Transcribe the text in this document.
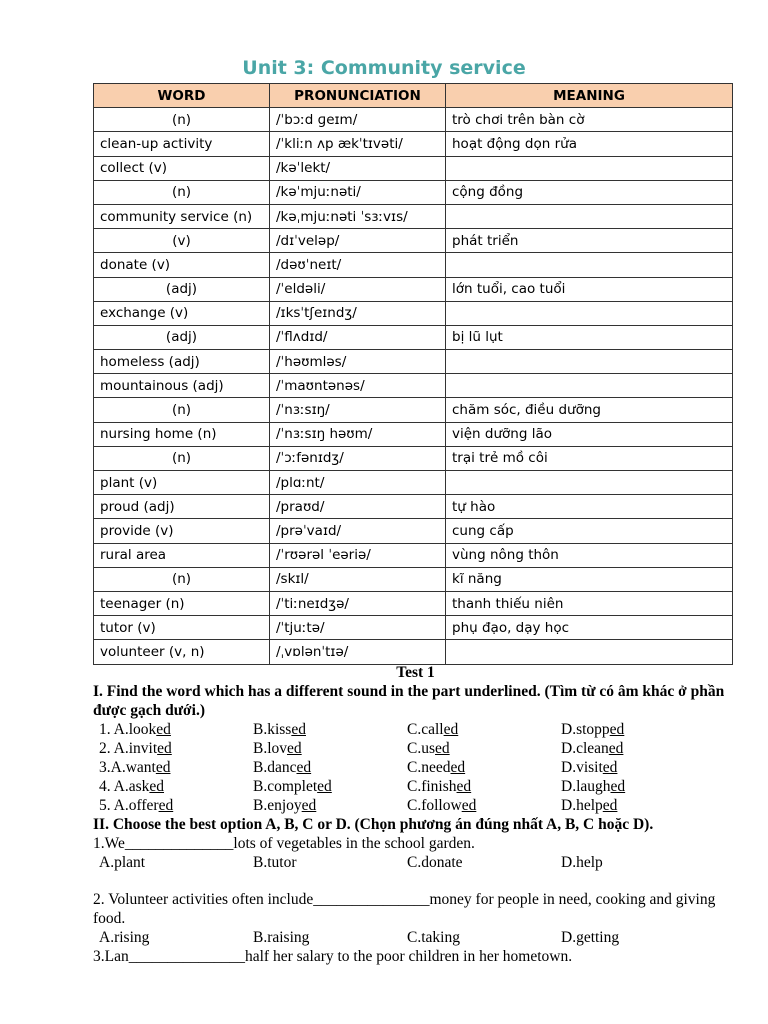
Unit 3: Community service
WORD	PRONUNCIATION	MEANING
(n)	/ˈbɔːd ɡeɪm/	trò chơi trên bàn cờ
clean-up activity	/ˈkliːn ʌp ækˈtɪvəti/	hoạt động dọn rửa
collect (v)	/kəˈlekt/	
(n)	/kəˈmjuːnəti/	cộng đồng
community service (n)	/kəˌmjuːnəti ˈsɜːvɪs/	
(v)	/dɪˈveləp/	phát triển
donate (v)	/dəʊˈneɪt/	
(adj)	/ˈeldəli/	lớn tuổi, cao tuổi
exchange (v)	/ɪksˈtʃeɪndʒ/	
(adj)	/ˈflʌdɪd/	bị lũ lụt
homeless (adj)	/ˈhəʊmləs/	
mountainous (adj)	/ˈmaʊntənəs/	
(n)	/ˈnɜːsɪŋ/	chăm sóc, điều dưỡng
nursing home (n)	/ˈnɜːsɪŋ həʊm/	viện dưỡng lão
(n)	/ˈɔːfənɪdʒ/	trại trẻ mồ côi
plant (v)	/plɑːnt/	
proud (adj)	/praʊd/	tự hào
provide (v)	/prəˈvaɪd/	cung cấp
rural area	/ˈrʊərəl ˈeəriə/	vùng nông thôn
(n)	/skɪl/	kĩ năng
teenager (n)	/ˈtiːneɪdʒə/	thanh thiếu niên
tutor (v)	/ˈtjuːtə/	phụ đạo, dạy học
volunteer (v, n)	/ˌvɒlənˈtɪə/	
Test 1
I. Find the word which has a different sound in the part underlined. (Tìm từ có âm khác ở phần được gạch dưới.)
1. A.looked	B.kissed	C.called	D.stopped
2. A.invited	B.loved	C.used	D.cleaned
3.A.wanted	B.danced	C.needed	D.visited
4. A.asked	B.completed	C.finished	D.laughed
5. A.offered	B.enjoyed	C.followed	D.helped
II. Choose the best option A, B, C or D. (Chọn phương án đúng nhất A, B, C hoặc D).
1.We______________lots of vegetables in the school garden.
A.plant	B.tutor	C.donate	D.help
2. Volunteer activities often include_______________money for people in need, cooking and giving food.
A.rising	B.raising	C.taking	D.getting
3.Lan_______________half her salary to the poor children in her hometown.
